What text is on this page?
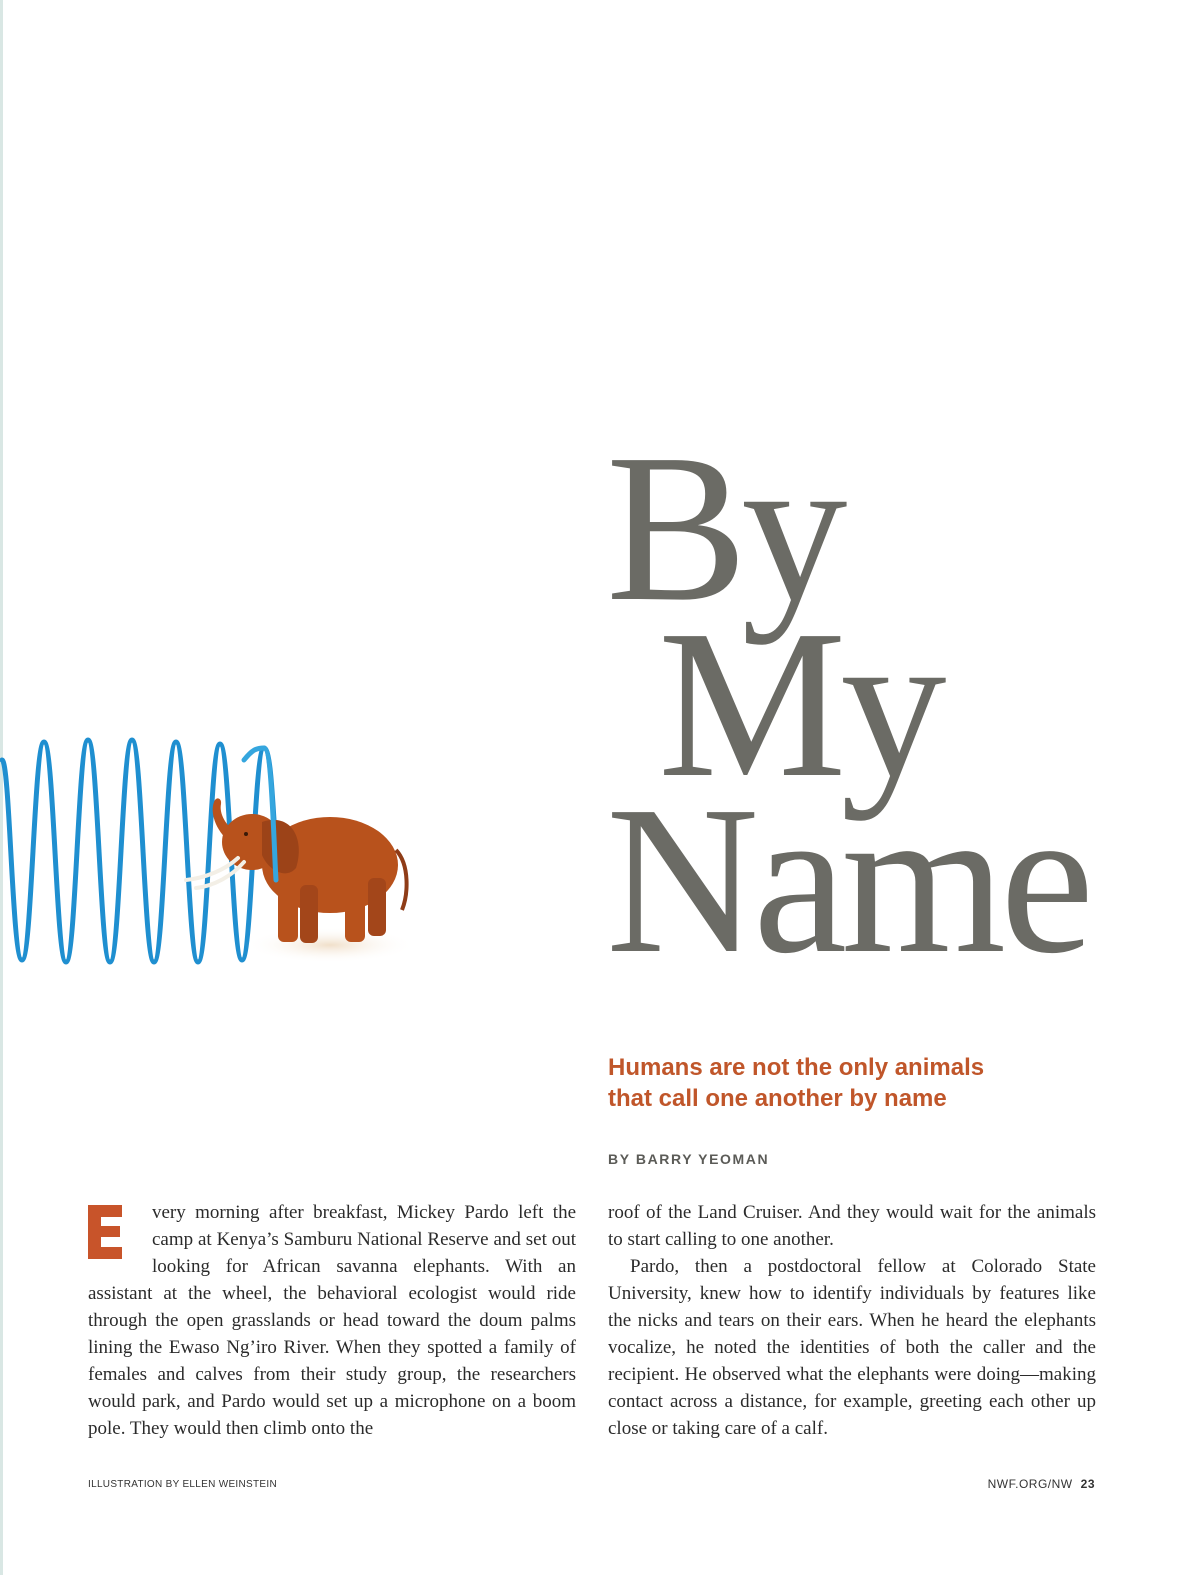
By
My
Name
Humans are not the only animals
that call one another by name
BY BARRY YEOMAN

very morning after breakfast, Mickey Pardo left the camp at Kenya’s Samburu National Reserve and set out looking for African savanna elephants. With an assistant at the wheel, the behavioral ecologist would ride through the open grasslands or head toward the doum palms lining the Ewaso Ng’iro River. When they spotted a family of females and calves from their study group, the researchers would park, and Pardo would set up a microphone on a boom pole. They would then climb onto the

roof of the Land Cruiser. And they would wait for the animals to start calling to one another.

Pardo, then a postdoctoral fellow at Colorado State University, knew how to identify individuals by features like the nicks and tears on their ears. When he heard the elephants vocalize, he noted the identities of both the caller and the recipient. He observed what the elephants were doing—making contact across a distance, for example, greeting each other up close or taking care of a calf.

ILLUSTRATION BY ELLEN WEINSTEIN	NWF.ORG/NW 23
